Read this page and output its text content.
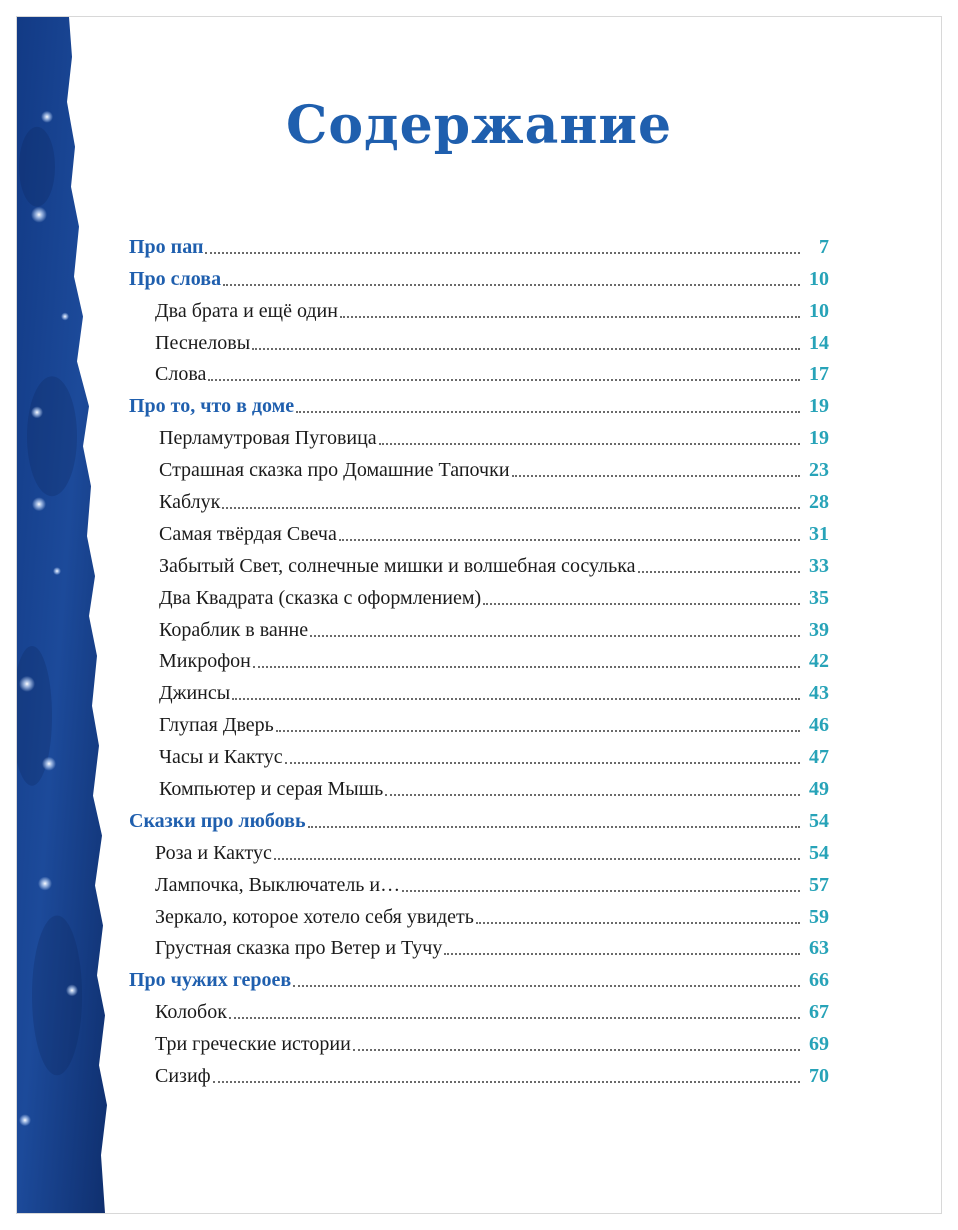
Содержание
Про пап	7
Про слова	10
Два брата и ещё один	10
Песнеловы	14
Слова	17
Про то, что в доме	19
Перламутровая Пуговица	19
Страшная сказка про Домашние Тапочки	23
Каблук	28
Самая твёрдая Свеча	31
Забытый Свет, солнечные мишки и волшебная сосулька	33
Два Квадрата (сказка с оформлением)	35
Кораблик в ванне	39
Микрофон	42
Джинсы	43
Глупая Дверь	46
Часы и Кактус	47
Компьютер и серая Мышь	49
Сказки про любовь	54
Роза и Кактус	54
Лампочка, Выключатель и…	57
Зеркало, которое хотело себя увидеть	59
Грустная сказка про Ветер и Тучу	63
Про чужих героев	66
Колобок	67
Три греческие истории	69
Сизиф	70
